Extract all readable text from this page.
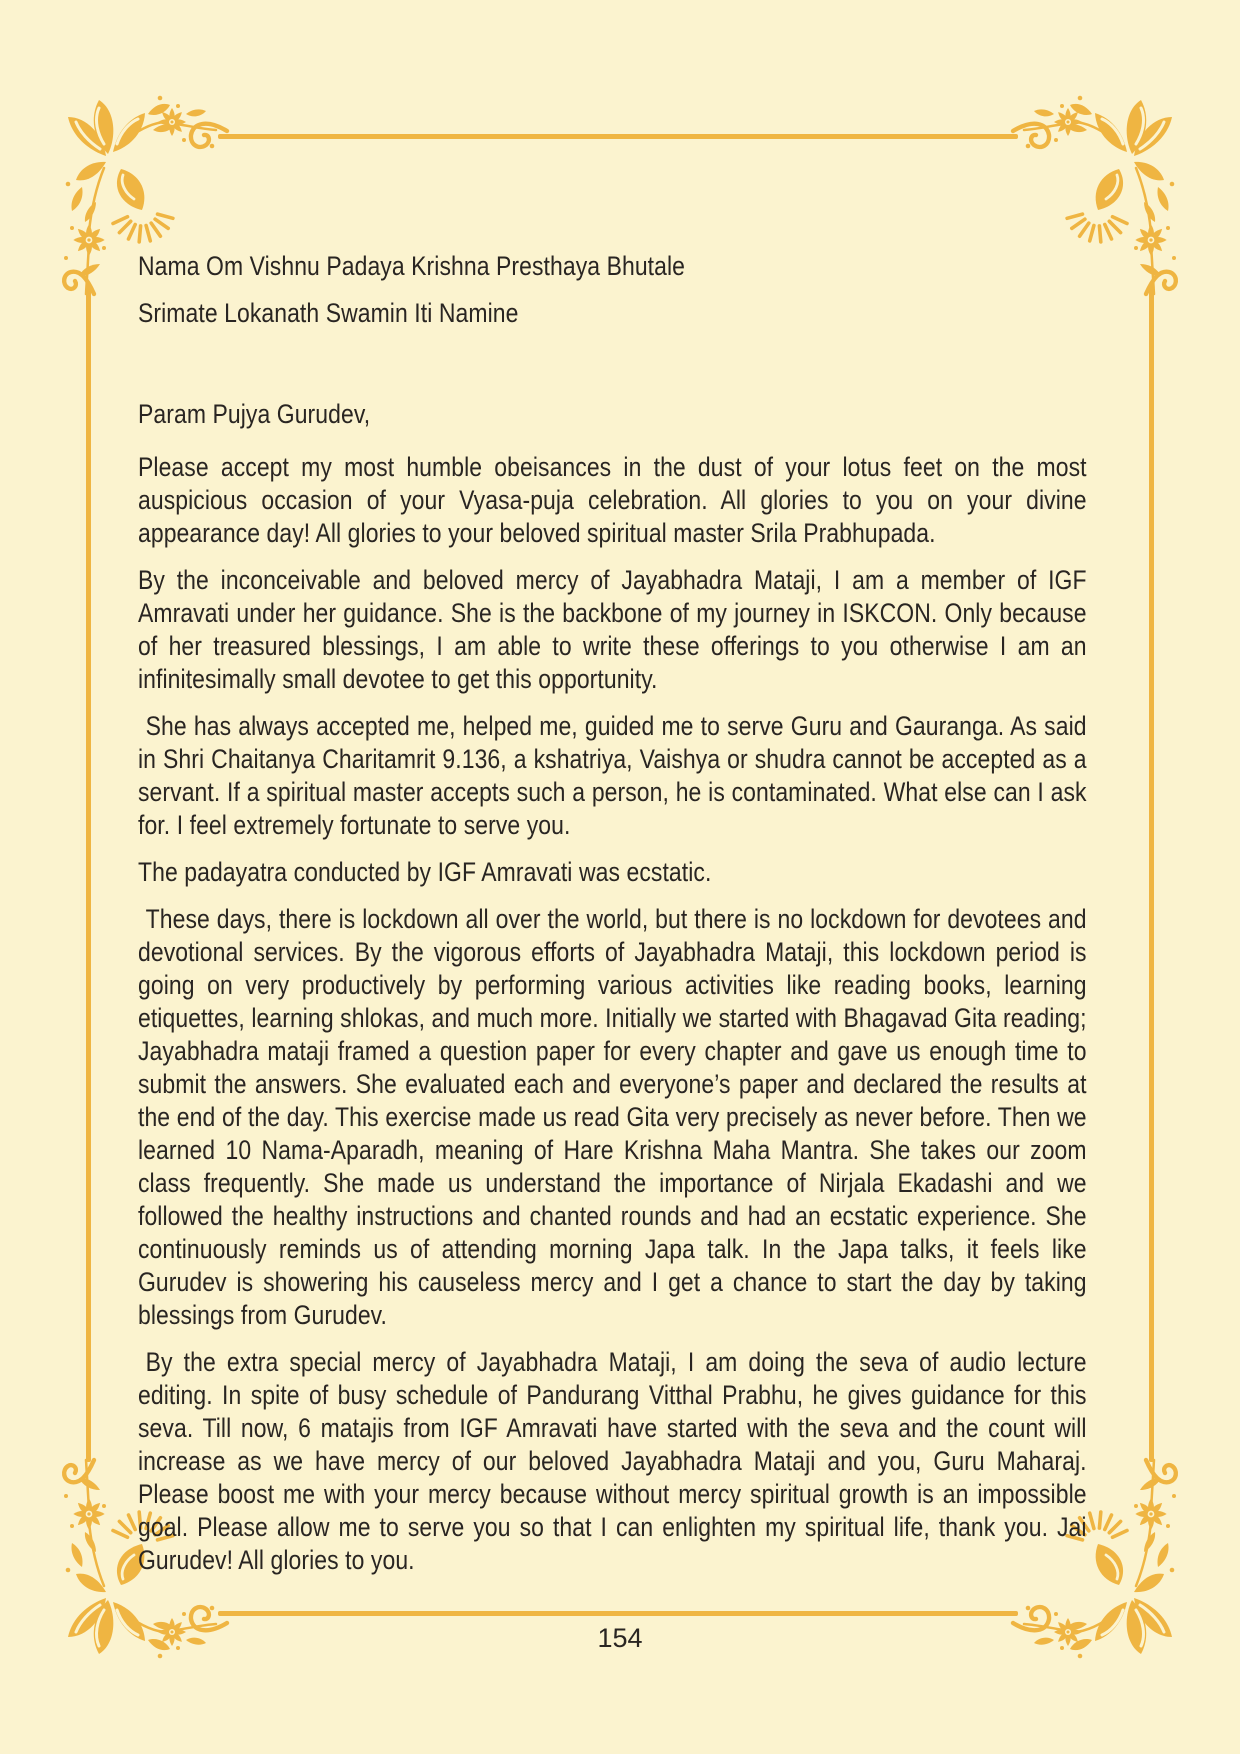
Nama Om Vishnu Padaya Krishna Presthaya Bhutale

Srimate Lokanath Swamin Iti Namine

Param Pujya Gurudev,

Please accept my most humble obeisances in the dust of your lotus feet on the most auspicious occasion of your Vyasa-puja celebration. All glories to you on your divine appearance day! All glories to your beloved spiritual master Srila Prabhupada.

By the inconceivable and beloved mercy of Jayabhadra Mataji, I am a member of IGF Amravati under her guidance. She is the backbone of my journey in ISKCON. Only because of her treasured blessings, I am able to write these offerings to you otherwise I am an infinitesimally small devotee to get this opportunity.

She has always accepted me, helped me, guided me to serve Guru and Gauranga. As said in Shri Chaitanya Charitamrit 9.136, a kshatriya, Vaishya or shudra cannot be accepted as a servant. If a spiritual master accepts such a person, he is contaminated. What else can I ask for. I feel extremely fortunate to serve you.

The padayatra conducted by IGF Amravati was ecstatic.

These days, there is lockdown all over the world, but there is no lockdown for devotees and devotional services. By the vigorous efforts of Jayabhadra Mataji, this lockdown period is going on very productively by performing various activities like reading books, learning etiquettes, learning shlokas, and much more. Initially we started with Bhagavad Gita reading; Jayabhadra mataji framed a question paper for every chapter and gave us enough time to submit the answers. She evaluated each and everyone’s paper and declared the results at the end of the day. This exercise made us read Gita very precisely as never before. Then we learned 10 Nama-Aparadh, meaning of Hare Krishna Maha Mantra. She takes our zoom class frequently. She made us understand the importance of Nirjala Ekadashi and we followed the healthy instructions and chanted rounds and had an ecstatic experience. She continuously reminds us of attending morning Japa talk. In the Japa talks, it feels like Gurudev is showering his causeless mercy and I get a chance to start the day by taking blessings from Gurudev.

By the extra special mercy of Jayabhadra Mataji, I am doing the seva of audio lecture editing. In spite of busy schedule of Pandurang Vitthal Prabhu, he gives guidance for this seva. Till now, 6 matajis from IGF Amravati have started with the seva and the count will increase as we have mercy of our beloved Jayabhadra Mataji and you, Guru Maharaj. Please boost me with your mercy because without mercy spiritual growth is an impossible goal. Please allow me to serve you so that I can enlighten my spiritual life, thank you. Jai Gurudev! All glories to you.

154
